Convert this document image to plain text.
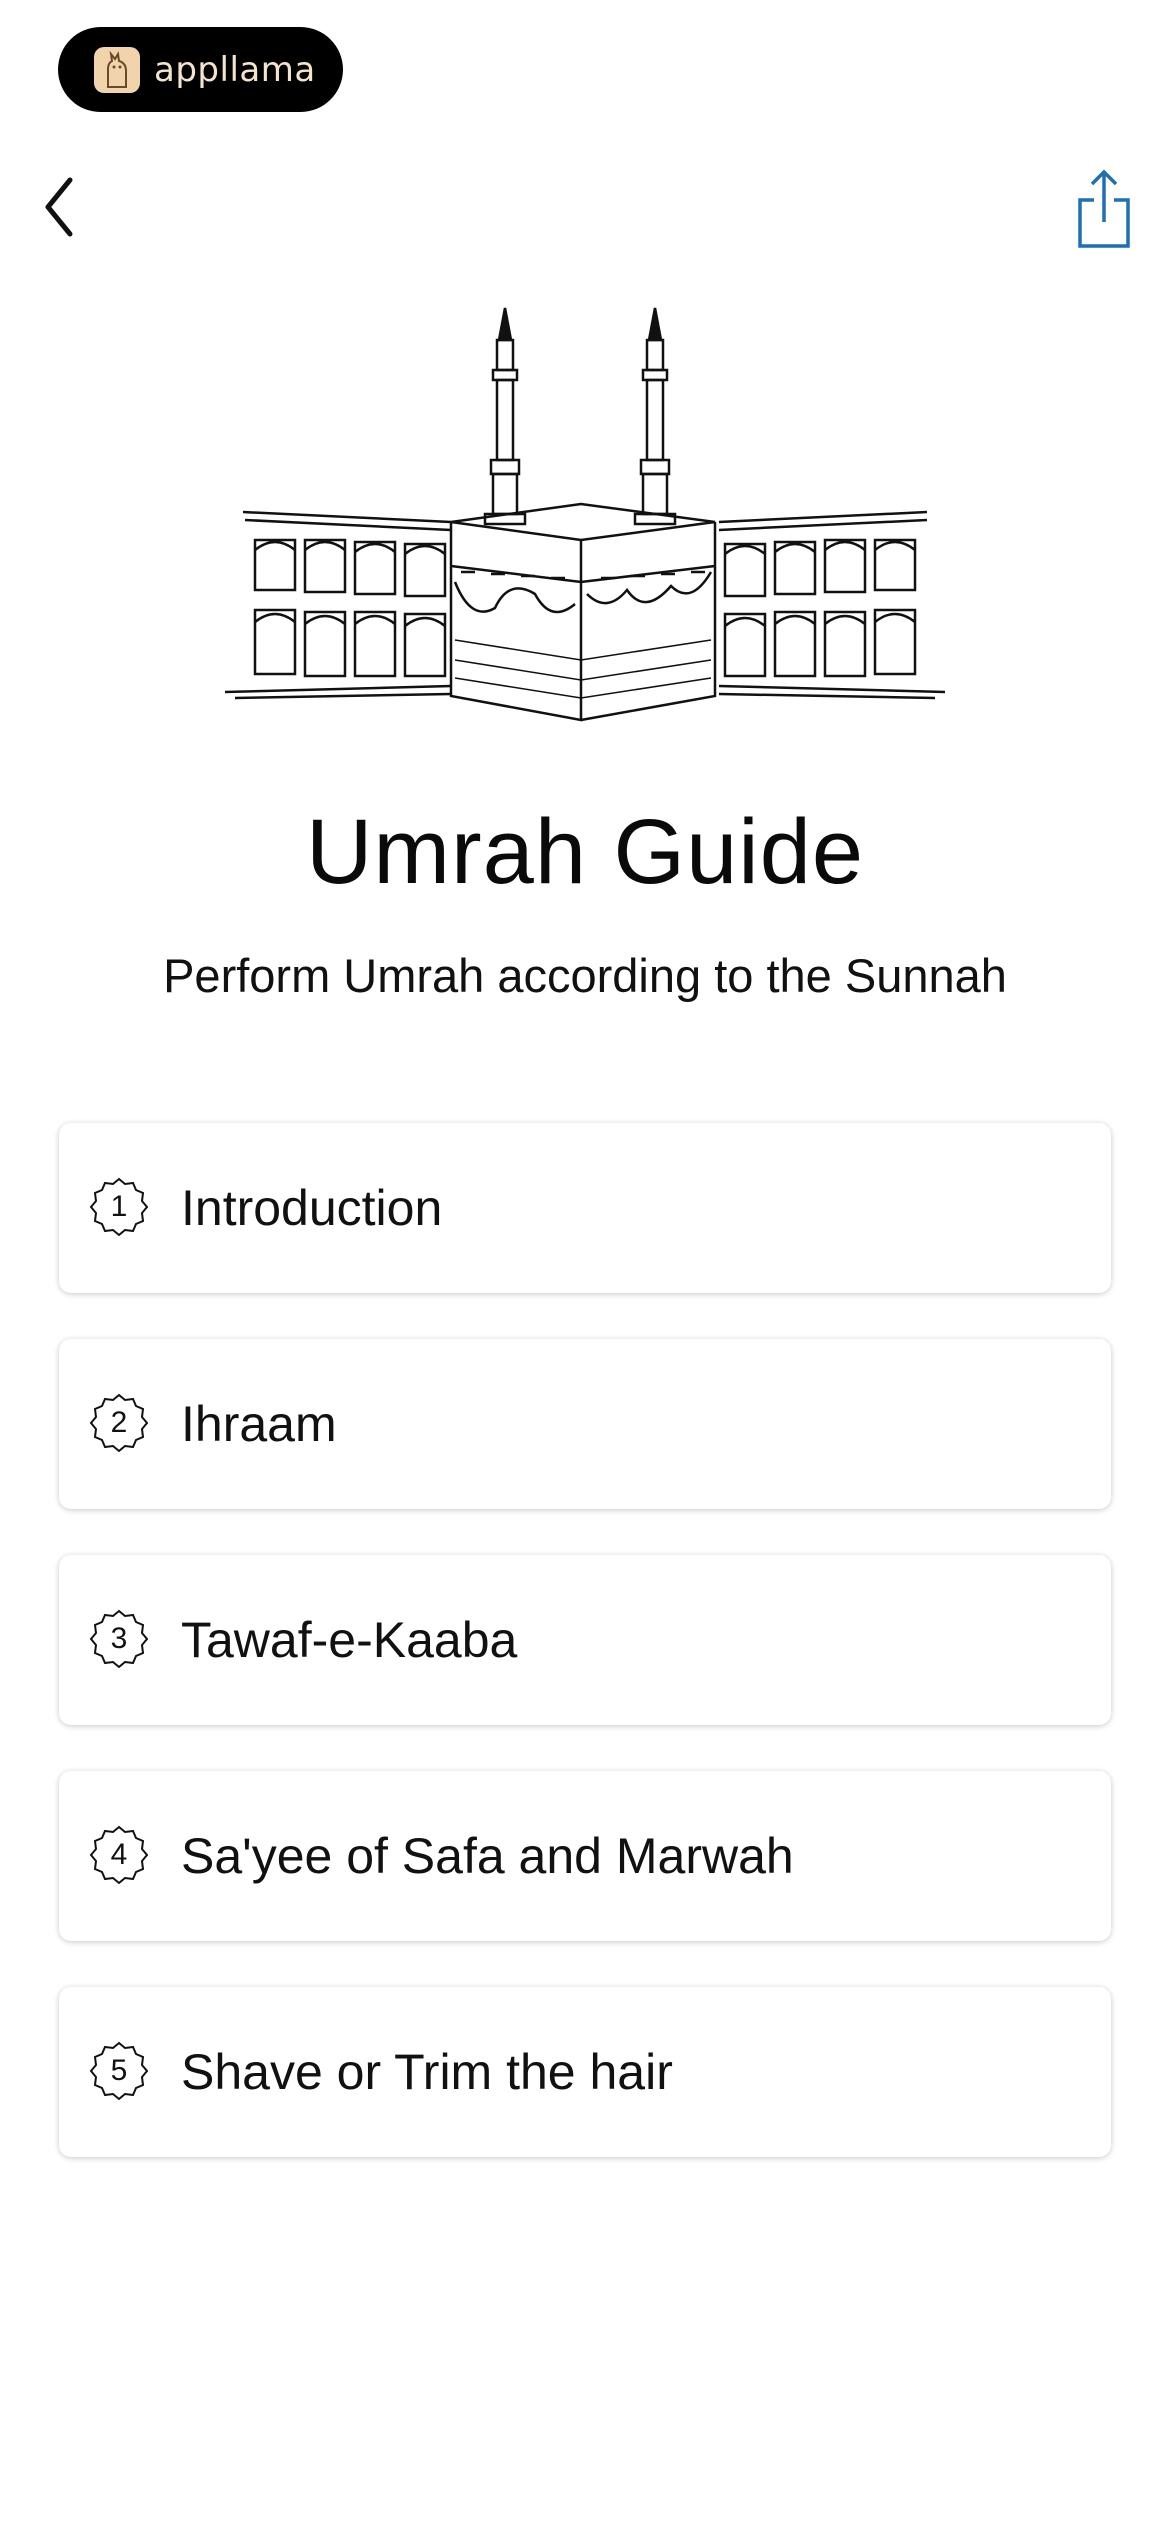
appllama
Umrah Guide

Perform Umrah according to the Sunnah

1	Introduction
2	Ihraam
3	Tawaf-e-Kaaba
4	Sa'yee of Safa and Marwah
5	Shave or Trim the hair
